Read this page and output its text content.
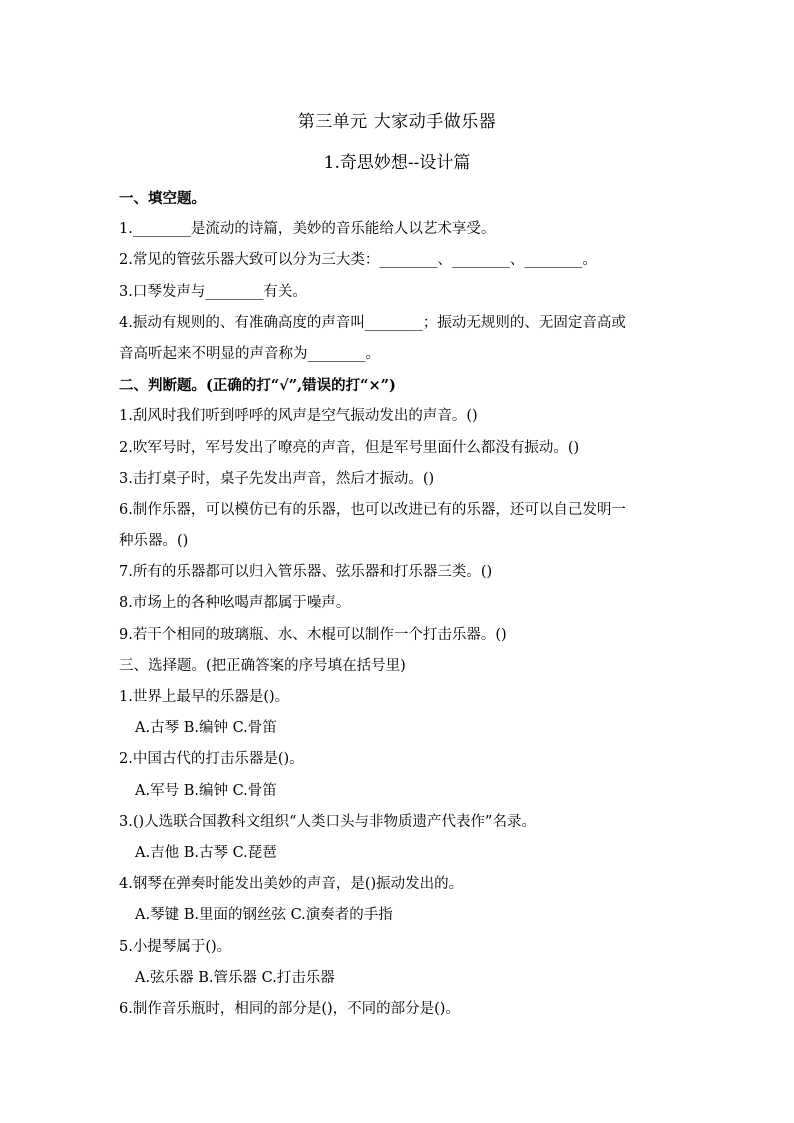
第三单元 大家动手做乐器
1.奇思妙想--设计篇
一、填空题。
1.________是流动的诗篇，美妙的音乐能给人以艺术享受。
2.常见的管弦乐器大致可以分为三大类：________、________、________。
3.口琴发声与________有关。
4.振动有规则的、有准确高度的声音叫________；振动无规则的、无固定音高或
音高听起来不明显的声音称为________。
二、判断题。(正确的打“√”,错误的打“×”)
1.刮风时我们听到呼呼的风声是空气振动发出的声音。()
2.吹军号时，军号发出了嘹亮的声音，但是军号里面什么都没有振动。()
3.击打桌子时，桌子先发出声音，然后才振动。()
6.制作乐器，可以模仿已有的乐器，也可以改进已有的乐器，还可以自己发明一
种乐器。()
7.所有的乐器都可以归入管乐器、弦乐器和打乐器三类。()
8.市场上的各种吆喝声都属于噪声。
9.若干个相同的玻璃瓶、水、木棍可以制作一个打击乐器。()
三、选择题。(把正确答案的序号填在括号里)
1.世界上最早的乐器是()。
A.古琴 B.编钟 C.骨笛
2.中国古代的打击乐器是()。
A.军号 B.编钟 C.骨笛
3.()人选联合国教科文组织“人类口头与非物质遗产代表作”名录。
A.吉他 B.古琴 C.琵琶
4.钢琴在弹奏时能发出美妙的声音，是()振动发出的。
A.琴键 B.里面的钢丝弦 C.演奏者的手指
5.小提琴属于()。
A.弦乐器 B.管乐器 C.打击乐器
6.制作音乐瓶时，相同的部分是()，不同的部分是()。
